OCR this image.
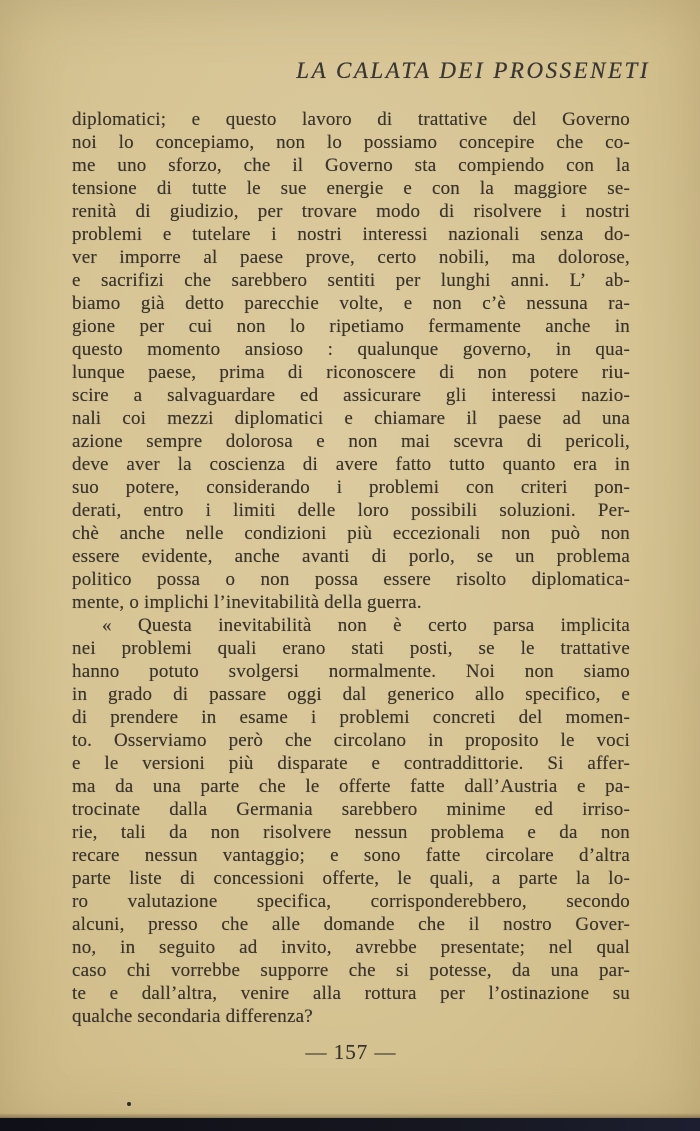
LA CALATA DEI PROSSENETI
diplomatici; e questo lavoro di trattative del Governo
noi lo concepiamo, non lo possiamo concepire che co-
me uno sforzo, che il Governo sta compiendo con la
tensione di tutte le sue energie e con la maggiore se-
renità di giudizio, per trovare modo di risolvere i nostri
problemi e tutelare i nostri interessi nazionali senza do-
ver imporre al paese prove, certo nobili, ma dolorose,
e sacrifizi che sarebbero sentiti per lunghi anni. L’ ab-
biamo già detto parecchie volte, e non c’è nessuna ra-
gione per cui non lo ripetiamo fermamente anche in
questo momento ansioso : qualunque governo, in qua-
lunque paese, prima di riconoscere di non potere riu-
scire a salvaguardare ed assicurare gli interessi nazio-
nali coi mezzi diplomatici e chiamare il paese ad una
azione sempre dolorosa e non mai scevra di pericoli,
deve aver la coscienza di avere fatto tutto quanto era in
suo potere, considerando i problemi con criteri pon-
derati, entro i limiti delle loro possibili soluzioni. Per-
chè anche nelle condizioni più eccezionali non può non
essere evidente, anche avanti di porlo, se un problema
politico possa o non possa essere risolto diplomatica-
mente, o implichi l’inevitabilità della guerra.
« Questa inevitabilità non è certo parsa implicita
nei problemi quali erano stati posti, se le trattative
hanno potuto svolgersi normalmente. Noi non siamo
in grado di passare oggi dal generico allo specifico, e
di prendere in esame i problemi concreti del momen-
to. Osserviamo però che circolano in proposito le voci
e le versioni più disparate e contraddittorie. Si affer-
ma da una parte che le offerte fatte dall’Austria e pa-
trocinate dalla Germania sarebbero minime ed irriso-
rie, tali da non risolvere nessun problema e da non
recare nessun vantaggio; e sono fatte circolare d’altra
parte liste di concessioni offerte, le quali, a parte la lo-
ro valutazione specifica, corrisponderebbero, secondo
alcuni, presso che alle domande che il nostro Gover-
no, in seguito ad invito, avrebbe presentate; nel qual
caso chi vorrebbe supporre che si potesse, da una par-
te e dall’altra, venire alla rottura per l’ostinazione su
qualche secondaria differenza?
— 157 —
